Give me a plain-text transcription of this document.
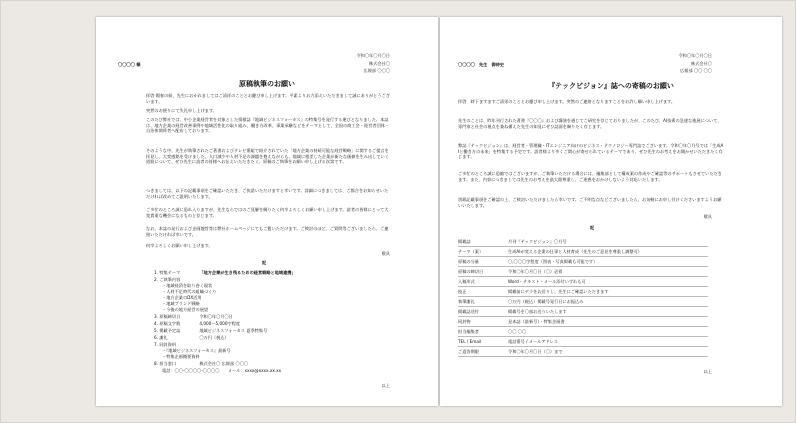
令和〇年〇月〇日
〇〇〇〇 様	株式会社〇
広報部 〇〇〇
原稿執筆のお願い
拝啓 陽春の候、先生におかれましてはご清祥のこととお慶び申し上げます。平素よりお力添えいただきまして誠にありがとうございます。
突然のお便りにて失礼申し上げます。
このたび弊社では、中小企業経営者を対象とした情報誌『地域ビジネスフォーカス』の特集号を発行する運びとなりました。本誌は、地方企業の経営改善事例や地域活性化の取り組み、働き方改革、事業承継などをテーマとして、全国の商工会・経営者団体・自治体関係者へ配布しております。
そのような中、先生が執筆されたご著書およびテレビ番組で紹介されていた「地方企業の持続可能な経営戦略」に関するご提言を拝見し、大変感銘を受けました。人口減少や人材不足の課題を抱えながらも、地域に根差した企業が新たな価値を生み出していく道筋について、ぜひ先生に読者の皆様へお伝えいただきたく、原稿のご執筆をお願い申し上げる次第です。
つきましては、以下の記載事項をご確認いただき、ご快諾いただけますと幸いです。詳細につきましては、ご都合をお知らせいただければ改めてご説明いたします。
ご多忙のところ誠に恐れ入りますが、先生ならではのご見解を賜りたく何卒よろしくお願い申し上げます。読者の皆様にとって大変貴重な機会になるものと存じます。
なお、本誌の発行および企画趣旨等は弊社ホームページにてもご覧いただけます。ご検討のほど、ご質問等ございましたら、ご連絡いただければ幸いです。
何卒よろしくお願い申し上げます。
敬具
記
1. 特集テーマ	「地方企業が生き残るための経営戦略と地域連携」
2. ご執筆内容
・地域経済を取り巻く現状
・人材不足時代の組織づくり
・地方企業のDX活用
・地域ブランド戦略
・今後の地方経営の展望
3. 原稿締切日	令和〇年〇月〇日
4. 原稿文字数	4,000～5,000字程度
5. 掲載予定誌	地域ビジネスフォーカス 夏季特集号
6. 謝礼	〇万円（税込）
7. 同封資料
・『地域ビジネスフォーカス』最新号
・特集企画概要資料
8. 担当窓口	株式会社〇 広報部 〇〇〇
電話：〇〇-〇〇〇〇-〇〇〇〇　　メール：xxxx@xxxx.xx.xx
以上
令和〇年〇月〇日
〇〇〇〇　先生　御侍史	株式会社〇
広報部 〇〇 〇〇
『テックビジョン』誌への寄稿のお願い
拝啓　時下ますますご清栄のこととお慶び申し上げます。突然のご連絡となりますことをお許し願い申し上げます。
先生のことは、昨年刊行された著書『〇〇〇』および講演を通じてご研究を存じておりましたが、このたび、AI技術の急速な進展について、専門家と社会の視点を兼ね備えた先生の知見にぜひ誌面を賜りたく存じます。
弊誌『テックビジョン』は、経営者・管理職・ITエンジニア向けのビジネス・テクノロジー専門誌でございます。令和〇年〇月号では「生成AIと働き方の未来」を特集する予定です。読者様より多くご関心が寄せられているテーマであり、ぜひ先生のお考えをお聞かせいただきたく存じます。
ご多忙のところ誠に恐縮ではございますが、ご執筆いただける場合には、編集部として構成案の作成やご確認等のサポートもさせていただきます。また、内容につきましては先生のお考えを最大限尊重し、ご迷惑をおかけしないよう対応いたします。
別紙記載事項をご確認の上、ご検討いただけましたら幸いです。ご不明な点などございましたら、お気軽にお申し付けくださいますようお願いいたします。
敬具
記
掲載誌	月刊『テックビジョン』〇月号
テーマ（案）	生成AIが変える企業の仕事と人材育成（先生のご意見を尊重し調整可）
原稿の分量	〇,〇〇〇字程度（図表・写真掲載も可能です）
原稿の締切日	令和〇年〇月〇日（〇）必着
入稿形式	Word・テキスト・メール添付いずれも可
校正	掲載前にゲラをお送りし、先生にご確認いただきます
執筆謝礼	〇万円（税込）掲載号発行日にお振込み
掲載誌送付	掲載号を〇部お送りいたします
同封物	見本誌（最新号）・特集企画書
担当編集者	〇〇 〇〇
TEL / Email	電話番号 / メールアドレス
ご返答期限	令和〇年〇月〇日（〇）まで
以上
